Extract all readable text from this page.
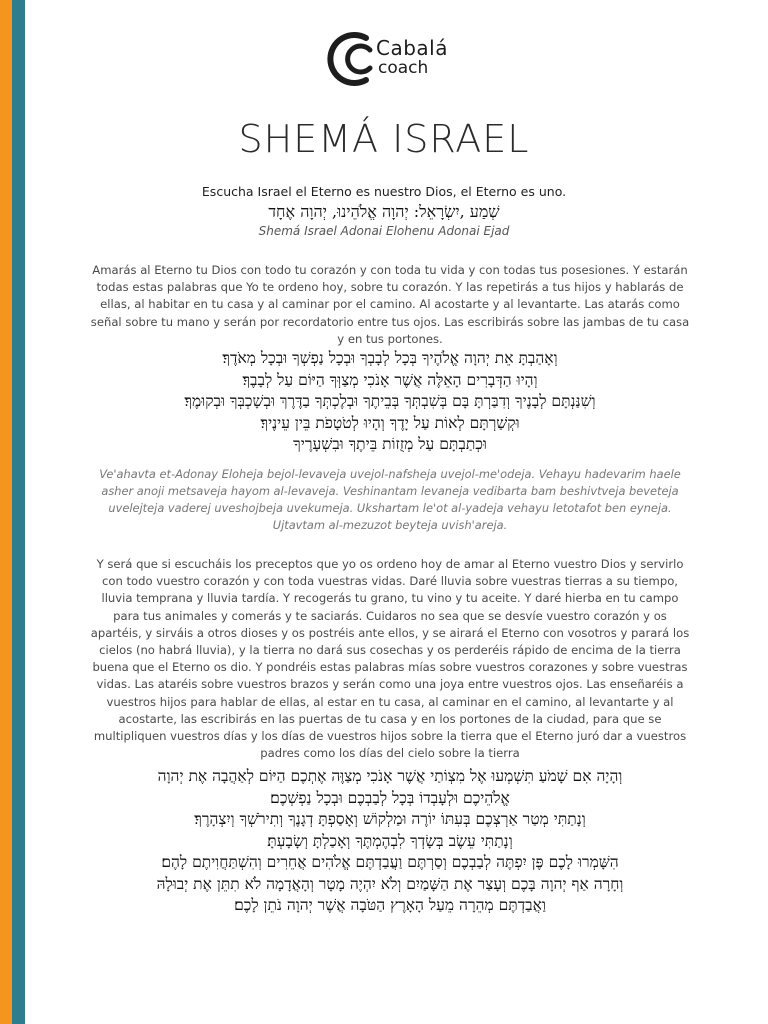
Cabalá
coach
SHEMÁ ISRAEL
Escucha Israel el Eterno es nuestro Dios, el Eterno es uno.
שְׁמַע ,יִשְׂרָאֵל: יְהוָה אֱלֹהֵינוּ, יְהוָה אֶחָד
Shemá Israel Adonai Elohenu Adonai Ejad
Amarás al Eterno tu Dios con todo tu corazón y con toda tu vida y con todas tus posesiones. Y estarán todas estas palabras que Yo te ordeno hoy, sobre tu corazón. Y las repetirás a tus hijos y hablarás de ellas, al habitar en tu casa y al caminar por el camino. Al acostarte y al levantarte. Las atarás como señal sobre tu mano y serán por recordatorio entre tus ojos. Las escribirás sobre las jambas de tu casa y en tus portones.
וְאָהַבְתָּ אֵת יְהוָה אֱלֹהֶיךָ בְּכָל לְבָבְךָ וּבְכָל נַפְשְׁךָ וּבְכָל מְאֹדֶךָ׃
וְהָיוּ הַדְּבָרִים הָאֵלֶּה אֲשֶׁר אָנֹכִי מְצַוְּךָ הַיּוֹם עַל לְבָבֶךָ׃
וְשִׁנַּנְתָּם לְבָנֶיךָ וְדִבַּרְתָּ בָּם בְּשִׁבְתְּךָ בְּבֵיתֶךָ וּבְלֶכְתְּךָ בַדֶּרֶךְ וּבְשָׁכְבְּךָ וּבְקוּמֶךָ׃
וּקְשַׁרְתָּם לְאוֹת עַל יָדֶךָ וְהָיוּ לְטֹטָפֹת בֵּין עֵינֶיךָ׃
וּכְתַבְתָּם עַל מְזֻזוֹת בֵּיתֶךָ וּבִשְׁעָרֶיךָ
Ve'ahavta et-Adonay Eloheja bejol-levaveja uvejol-nafsheja uvejol-me'odeja. Vehayu hadevarim haele asher anoji metsaveja hayom al-levaveja. Veshinantam levaneja vedibarta bam beshivtveja beveteja uvelejteja vaderej uveshojbeja uvekumeja. Ukshartam le'ot al-yadeja vehayu letotafot ben eyneja. Ujtavtam al-mezuzot beyteja uvish'areja.
Y será que si escucháis los preceptos que yo os ordeno hoy de amar al Eterno vuestro Dios y servirlo con todo vuestro corazón y con toda vuestras vidas. Daré lluvia sobre vuestras tierras a su tiempo, lluvia temprana y lluvia tardía. Y recogerás tu grano, tu vino y tu aceite. Y daré hierba en tu campo para tus animales y comerás y te saciarás. Cuidaros no sea que se desvíe vuestro corazón y os apartéis, y sirváis a otros dioses y os postréis ante ellos, y se airará el Eterno con vosotros y parará los cielos (no habrá lluvia), y la tierra no dará sus cosechas y os perderéis rápido de encima de la tierra buena que el Eterno os dio. Y pondréis estas palabras mías sobre vuestros corazones y sobre vuestras vidas. Las ataréis sobre vuestros brazos y serán como una joya entre vuestros ojos. Las enseñaréis a vuestros hijos para hablar de ellas, al estar en tu casa, al caminar en el camino, al levantarte y al acostarte, las escribirás en las puertas de tu casa y en los portones de la ciudad, para que se multipliquen vuestros días y los días de vuestros hijos sobre la tierra que el Eterno juró dar a vuestros padres como los días del cielo sobre la tierra
וְהָיָה אִם שָׁמֹעַ תִּשְׁמְעוּ אֶל מִצְוֹתַי אֲשֶׁר אָנֹכִי מְצַוֶּה אֶתְכֶם הַיּוֹם לְאַהֲבָה אֶת יְהוָה
אֱלֹהֵיכֶם וּלְעָבְדוֹ בְּכָל לְבַבְכֶם וּבְכָל נַפְשְׁכֶם׃
וְנָתַתִּי מְטַר אַרְצְכֶם בְּעִתּוֹ יוֹרֶה וּמַלְקוֹשׁ וְאָסַפְתָּ דְגָנֶךָ וְתִירֹשְׁךָ וְיִצְהָרֶךָ׃
וְנָתַתִּי עֵשֶׂב בְּשָׂדְךָ לִבְהֶמְתֶּךָ וְאָכַלְתָּ וְשָׂבָעְתָּ׃
הִשָּׁמְרוּ לָכֶם פֶּן יִפְתֶּה לְבַבְכֶם וְסַרְתֶּם וַעֲבַדְתֶּם אֱלֹהִים אֲחֵרִים וְהִשְׁתַּחֲוִיתֶם לָהֶם׃
וְחָרָה אַף יְהוָה בָּכֶם וְעָצַר אֶת הַשָּׁמַיִם וְלֹא יִהְיֶה מָטָר וְהָאֲדָמָה לֹא תִתֵּן אֶת יְבוּלָהּ
וַאֲבַדְתֶּם מְהֵרָה מֵעַל הָאָרֶץ הַטֹּבָה אֲשֶׁר יְהוָה נֹתֵן לָכֶם׃
